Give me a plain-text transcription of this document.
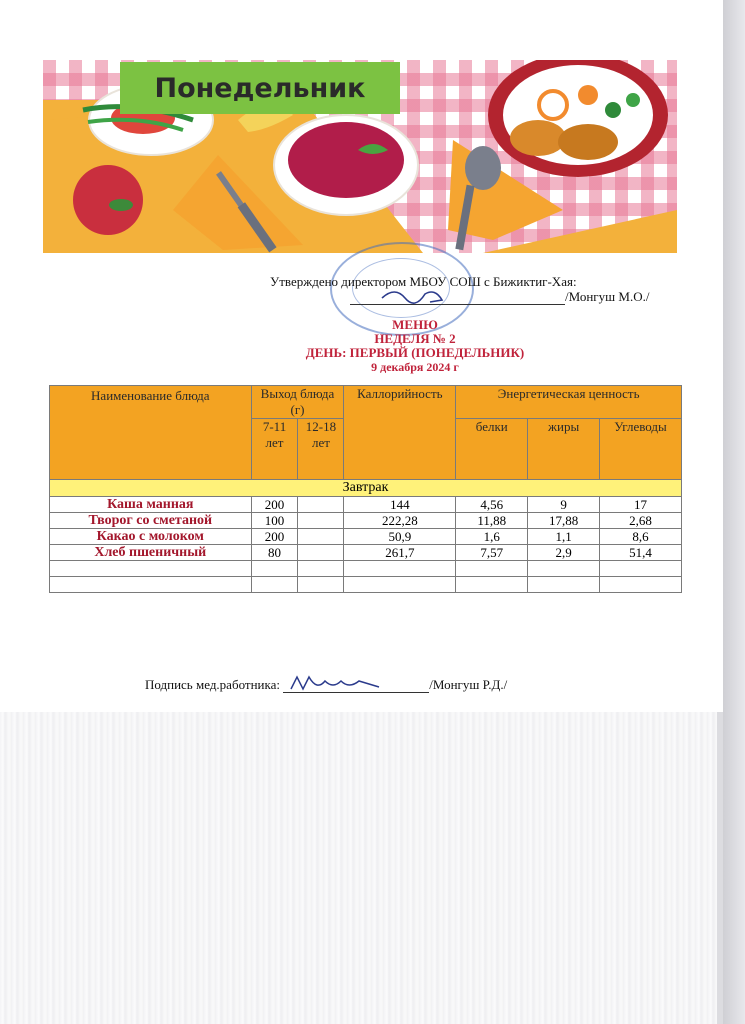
Понедельник
Утверждено директором МБОУ СОШ с Бижиктиг-Хая:
/Монгуш М.О./
МЕНЮ
НЕДЕЛЯ № 2
ДЕНЬ: ПЕРВЫЙ (ПОНЕДЕЛЬНИК)
9 декабря 2024 г
Наименование блюда	Выход блюда (г)		Каллорийность	Энергетическая ценность		
	7-11 лет	12-18 лет		белки	жиры	Углеводы
Завтрак						
Каша манная	200		144	4,56	9	17
Творог со сметаной	100		222,28	11,88	17,88	2,68
Какао с молоком	200		50,9	1,6	1,1	8,6
Хлеб пшеничный	80		261,7	7,57	2,9	51,4

Подпись мед.работника:	/Монгуш Р.Д./
